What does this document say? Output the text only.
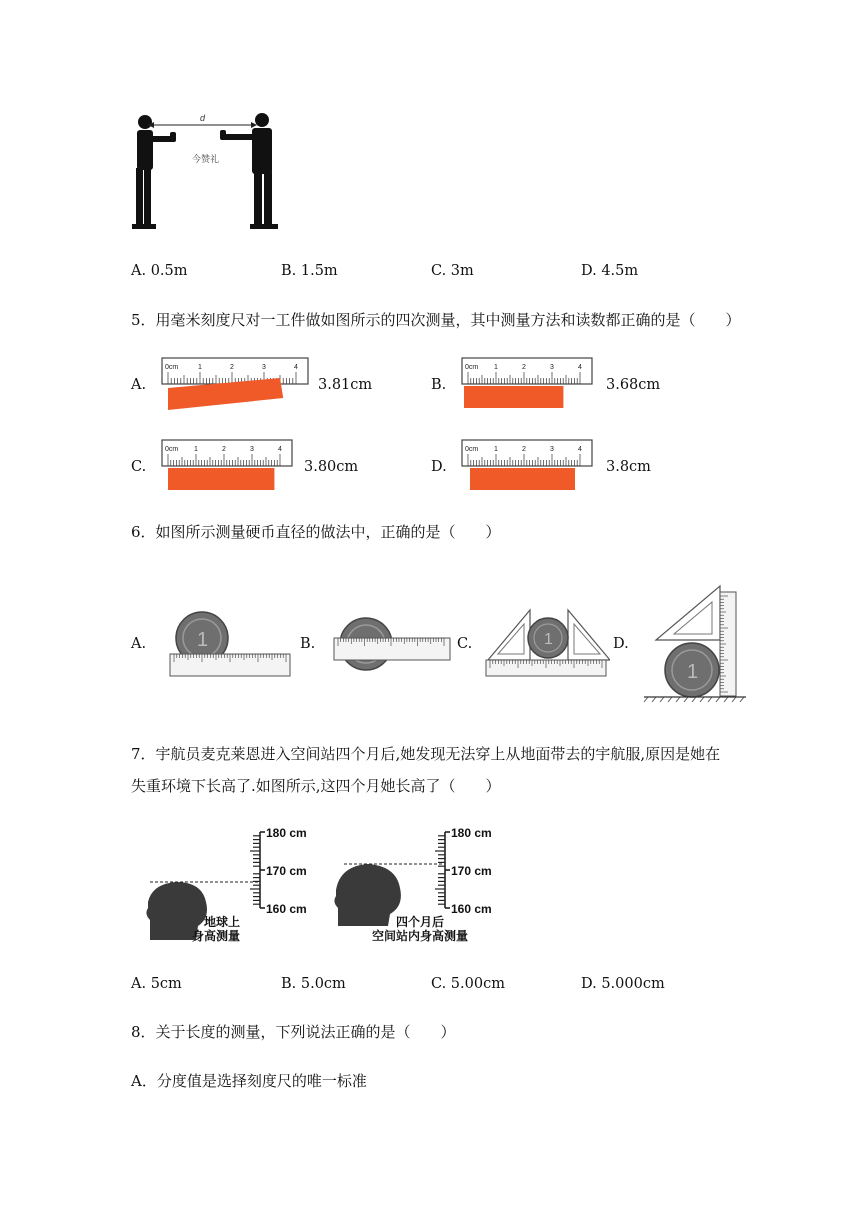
d
今赞礼
A. 0.5m	B. 1.5m	C. 3m	D. 4.5m
5．用毫米刻度尺对一工件做如图所示的四次测量，其中测量方法和读数都正确的是（　　）
A.
0cm	1	2	3	4
3.81cm	B.
0cm 1	2	3	4
3.68cm
C.
0cm 1	2	3	4
3.80cm	D.
0cm 1	2	3	4
3.8cm
6．如图所示测量硬币直径的做法中，正确的是（　　）
A.	1	B.	C.	1	D.
1
7．宇航员麦克莱恩进入空间站四个月后,她发现无法穿上从地面带去的宇航服,原因是她在
失重环境下长高了.如图所示,这四个月她长高了（　　）
180 cm
170 cm
160 cm
地球上
身高测量
180 cm
170 cm
160 cm
四个月后
空间站内身高测量
A. 5cm	B. 5.0cm	C. 5.00cm	D. 5.000cm
8．关于长度的测量，下列说法正确的是（　　）
A．分度值是选择刻度尺的唯一标准
